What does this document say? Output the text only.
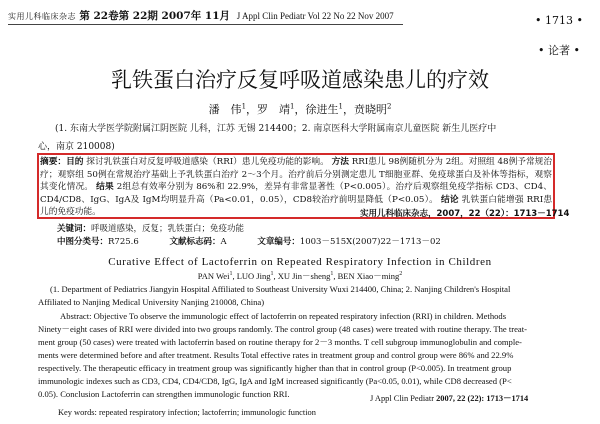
实用儿科临床杂志 第 22卷第 22期 2007年 11月 J Appl Clin Pediatr Vol 22 No 22 Nov 2007	• 1713 •
• 论著 •
乳铁蛋白治疗反复呼吸道感染患儿的疗效
潘　伟$^1$，罗　靖$^1$，徐进生$^1$，贲晓明$^2$
(1. 东南大学医学院附属江阴医院 儿科，江苏 无锡 214400；2. 南京医科大学附属南京儿童医院 新生儿医疗中
心，南京 210008)
摘要：目的 探讨乳铁蛋白对反复呼吸道感染（RRI）患儿免疫功能的影响。 方法 RRI患儿 98例随机分为 2组。对照组 48例予常规治疗；观察组 50例在常规治疗基础上予乳铁蛋白治疗 2～3个月。治疗前后分别测定患儿 T细胞亚群、免疫球蛋白及补体等指标，观察其变化情况。 结果 2组总有效率分别为 86%和 22.9%，差异有非常显著性（P<0.005）。治疗后观察组免疫学指标 CD3、CD4、CD4/CD8、IgG、IgA及 IgM均明显升高（Pa<0.01，0.05），CD8较治疗前明显降低（P<0.05）。 结论 乳铁蛋白能增强 RRI患儿的免疫功能。	实用儿科临床杂志，2007，22（22）：1713－1714
关键词：呼吸道感染，反复；乳铁蛋白；免疫功能
中图分类号：R725.6	文献标志码：A	文章编号：1003－515X(2007)22－1713－02
Curative Effect of Lactoferrin on Repeated Respiratory Infection in Children
PAN Wei$^1$, LUO Jing$^1$, XU Jin－sheng$^1$, BEN Xiao－ming$^2$
(1. Department of Pediatrics Jiangyin Hospital Affiliated to Southeast University Wuxi 214400, China; 2. Nanjing Children's Hospital
Affiliated to Nanjing Medical University Nanjing 210008, China)
Abstract: Objective To observe the immunologic effect of lactoferrin on repeated respiratory infection (RRI) in children. Methods
Ninety－eight cases of RRI were divided into two groups randomly. The control group (48 cases) were treated with routine therapy. The treat-
ment group (50 cases) were treated with lactoferrin based on routine therapy for 2－3 months. T cell subgroup immunoglobulin and comple-
ments were determined before and after treatment. Results Total effective rates in treatment group and control group were 86% and 22.9%
respectively. The therapeutic efficacy in treatment group was significantly higher than that in control group (P<0.005). In treatment group
immunologic indexes such as CD3, CD4, CD4/CD8, IgG, IgA and IgM increased significantly (Pa<0.05, 0.01), while CD8 decreased (P<
0.05). Conclusion Lactoferrin can strengthen immunologic function RRI.	J Appl Clin Pediatr 2007, 22 (22): 1713－1714
Key words: repeated respiratory infection; lactoferrin; immunologic function
